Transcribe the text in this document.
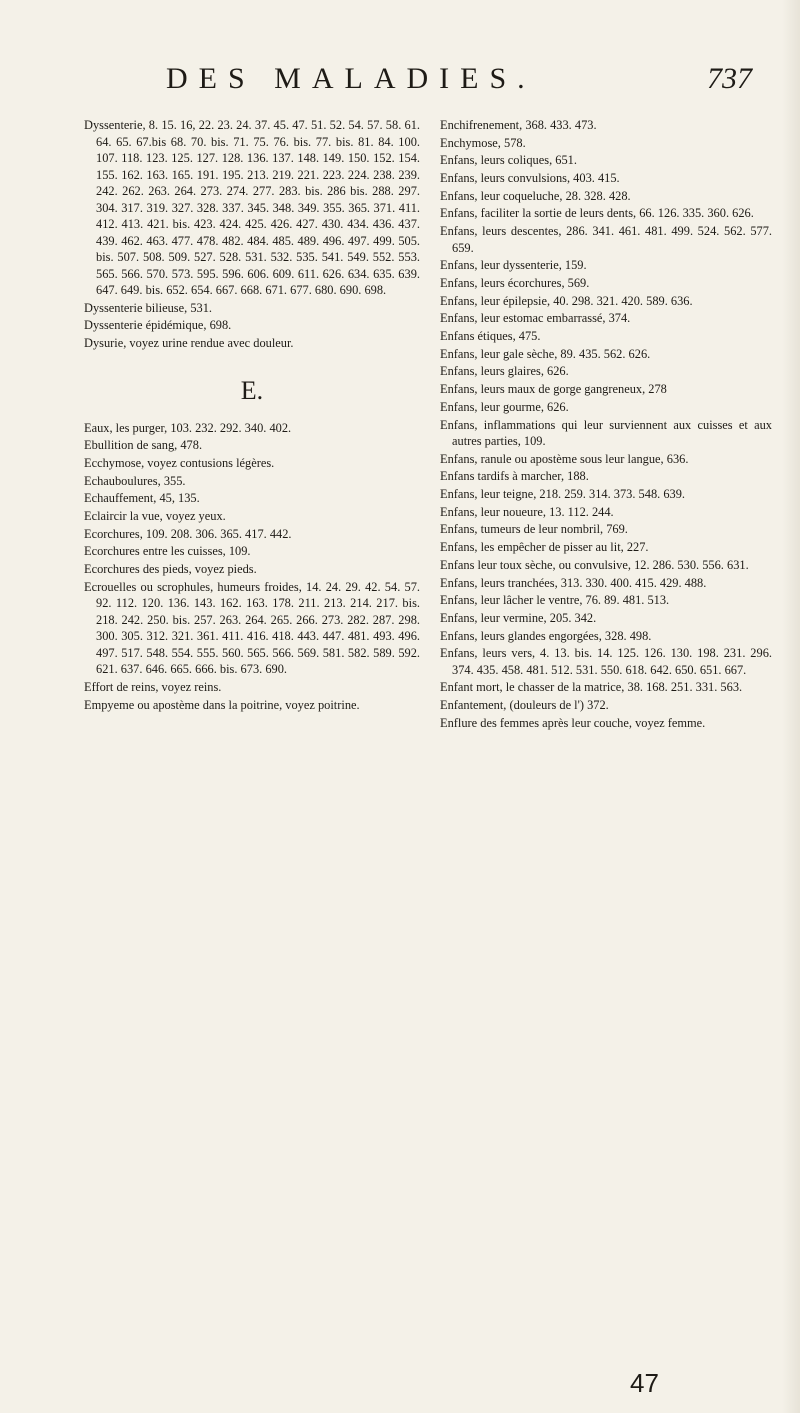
DES MALADIES.	737

Dyssenterie, 8. 15. 16, 22. 23. 24. 37. 45. 47. 51. 52. 54. 57. 58. 61. 64. 65. 67.bis 68. 70. bis. 71. 75. 76. bis. 77. bis. 81. 84. 100. 107. 118. 123. 125. 127. 128. 136. 137. 148. 149. 150. 152. 154. 155. 162. 163. 165. 191. 195. 213. 219. 221. 223. 224. 238. 239. 242. 262. 263. 264. 273. 274. 277. 283. bis. 286 bis. 288. 297. 304. 317. 319. 327. 328. 337. 345. 348. 349. 355. 365. 371. 411. 412. 413. 421. bis. 423. 424. 425. 426. 427. 430. 434. 436. 437. 439. 462. 463. 477. 478. 482. 484. 485. 489. 496. 497. 499. 505. bis. 507. 508. 509. 527. 528. 531. 532. 535. 541. 549. 552. 553. 565. 566. 570. 573. 595. 596. 606. 609. 611. 626. 634. 635. 639. 647. 649. bis. 652. 654. 667. 668. 671. 677. 680. 690. 698.

Dyssenterie bilieuse, 531.

Dyssenterie épidémique, 698.

Dysurie, voyez urine rendue avec douleur.

E.

Eaux, les purger, 103. 232. 292. 340. 402.

Ebullition de sang, 478.

Ecchymose, voyez contusions légères.

Echauboulures, 355.

Echauffement, 45, 135.

Eclaircir la vue, voyez yeux.

Ecorchures, 109. 208. 306. 365. 417. 442.

Ecorchures entre les cuisses, 109.

Ecorchures des pieds, voyez pieds.

Ecrouelles ou scrophules, humeurs froides, 14. 24. 29. 42. 54. 57. 92. 112. 120. 136. 143. 162. 163. 178. 211. 213. 214. 217. bis. 218. 242. 250. bis. 257. 263. 264. 265. 266. 273. 282. 287. 298. 300. 305. 312. 321. 361. 411. 416. 418. 443. 447. 481. 493. 496. 497. 517. 548. 554. 555. 560. 565. 566. 569. 581. 582. 589. 592. 621. 637. 646. 665. 666. bis. 673. 690.

Effort de reins, voyez reins.

Empyeme ou apostème dans la poitrine, voyez poitrine.

Enchifrenement, 368. 433. 473.

Enchymose, 578.

Enfans, leurs coliques, 651.

Enfans, leurs convulsions, 403. 415.

Enfans, leur coqueluche, 28. 328. 428.

Enfans, faciliter la sortie de leurs dents, 66. 126. 335. 360. 626.

Enfans, leurs descentes, 286. 341. 461. 481. 499. 524. 562. 577. 659.

Enfans, leur dyssenterie, 159.

Enfans, leurs écorchures, 569.

Enfans, leur épilepsie, 40. 298. 321. 420. 589. 636.

Enfans, leur estomac embarrassé, 374.

Enfans étiques, 475.

Enfans, leur gale sèche, 89. 435. 562. 626.

Enfans, leurs glaires, 626.

Enfans, leurs maux de gorge gangreneux, 278

Enfans, leur gourme, 626.

Enfans, inflammations qui leur surviennent aux cuisses et aux autres parties, 109.

Enfans, ranule ou apostème sous leur langue, 636.

Enfans tardifs à marcher, 188.

Enfans, leur teigne, 218. 259. 314. 373. 548. 639.

Enfans, leur noueure, 13. 112. 244.

Enfans, tumeurs de leur nombril, 769.

Enfans, les empêcher de pisser au lit, 227.

Enfans leur toux sèche, ou convulsive, 12. 286. 530. 556. 631.

Enfans, leurs tranchées, 313. 330. 400. 415. 429. 488.

Enfans, leur lâcher le ventre, 76. 89. 481. 513.

Enfans, leur vermine, 205. 342.

Enfans, leurs glandes engorgées, 328. 498.

Enfans, leurs vers, 4. 13. bis. 14. 125. 126. 130. 198. 231. 296. 374. 435. 458. 481. 512. 531. 550. 618. 642. 650. 651. 667.

Enfant mort, le chasser de la matrice, 38. 168. 251. 331. 563.

Enfantement, (douleurs de l') 372.

Enflure des femmes après leur couche, voyez femme.

47
